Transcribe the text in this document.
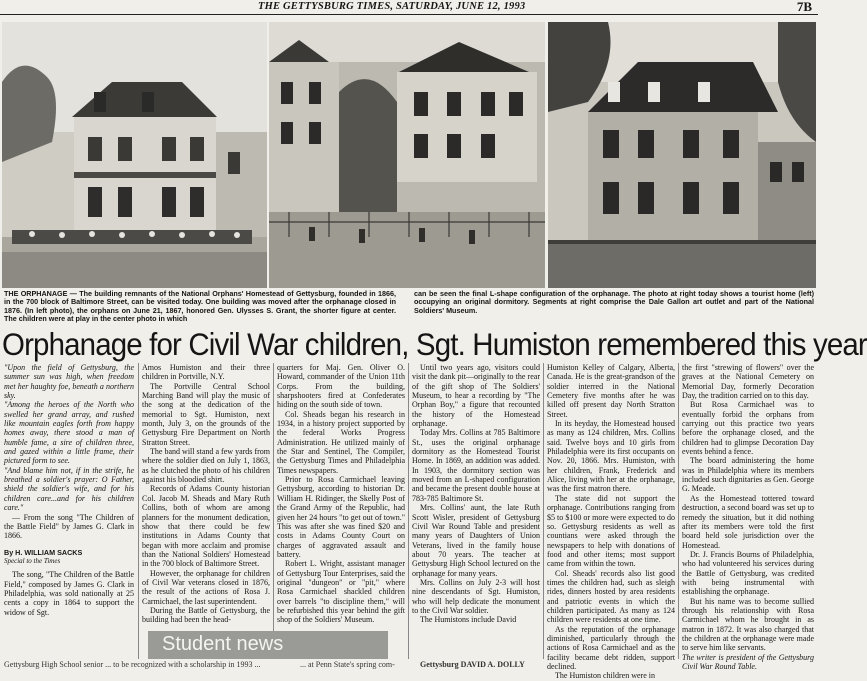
THE GETTYSBURG TIMES, SATURDAY, JUNE 12, 1993	7B
THE ORPHANAGE — The building remnants of the National Orphans' Homestead of Gettysburg, founded in 1866, in the 700 block of Baltimore Street, can be visited today. One building was moved after the orphanage closed in 1876. (In left photo), the orphans on June 21, 1867, honored Gen. Ulysses S. Grant, the shorter figure at center. The children were at play in the center photo in which
can be seen the final L-shape configuration of the orphanage. The photo at right today shows a tourist home (left) occupying an original dormitory. Segments at right comprise the Dale Gallon art outlet and part of the National Soldiers' Museum.
Orphanage for Civil War children, Sgt. Humiston remembered this year

"Upon the field of Gettysburg, the summer sun was high, when freedom met her haughty foe, beneath a northern sky.

"Among the heroes of the North who swelled her grand array, and rushed like mountain eagles forth from happy homes away, there stood a man of humble fame, a sire of children three, and gazed within a little frame, their pictured form to see.

"And blame him not, if in the strife, he breathed a soldier's prayer: O Father, shield the soldier's wife, and for his children care...and for his children care."

— From the song "The Children of the Battle Field" by James G. Clark in 1866.

By H. WILLIAM SACKS
Special to the Times

The song, "The Children of the Battle Field," composed by James G. Clark in Philadelphia, was sold nationally at 25 cents a copy in 1864 to support the widow of Sgt.

Amos Humiston and their three children in Portville, N.Y.

The Portville Central School Marching Band will play the music of the song at the dedication of the memorial to Sgt. Humiston, next month, July 3, on the grounds of the Gettysburg Fire Department on North Stratton Street.

The band will stand a few yards from where the soldier died on July 1, 1863, as he clutched the photo of his children against his bloodied shirt.

Records of Adams County historian Col. Jacob M. Sheads and Mary Ruth Collins, both of whom are among planners for the monument dedication, show that there could be few institutions in Adams County that began with more acclaim and promise than the National Soldiers' Homestead in the 700 block of Baltimore Street.

However, the orphanage for children of Civil War veterans closed in 1876, the result of the actions of Rosa J. Carmichael, the last superintendent.

During the Battle of Gettysburg, the building had been the head-

quarters for Maj. Gen. Oliver O. Howard, commander of the Union 11th Corps. From the building, sharpshooters fired at Confederates hiding on the south side of town.

Col. Sheads began his research in 1934, in a history project supported by the federal Works Progress Administration. He utilized mainly of the Star and Sentinel, The Compiler, the Gettysburg Times and Philadelphia Times newspapers.

Prior to Rosa Carmichael leaving Gettysburg, according to historian Dr. William H. Ridinger, the Skelly Post of the Grand Army of the Republic, had given her 24 hours "to get out of town." This was after she was fined $20 and costs in Adams County Court on charges of aggravated assault and battery.

Robert L. Wright, assistant manager of Gettysburg Tour Enterprises, said the original "dungeon" or "pit," where Rosa Carmichael shackled children over barrels "to discipline them," will be refurbished this year behind the gift shop of the Soldiers' Museum.

Until two years ago, visitors could visit the dank pit—originally to the rear of the gift shop of The Soldiers' Museum, to hear a recording by "The Orphan Boy," a figure that recounted the history of the Homestead orphanage.

Today Mrs. Collins at 785 Baltimore St., uses the original orphanage dormitory as the Homestead Tourist Home. In 1869, an addition was added. In 1903, the dormitory section was moved from an L-shaped configuration and became the present double house at 783-785 Baltimore St.

Mrs. Collins' aunt, the late Ruth Scott Wisler, president of Gettysburg Civil War Round Table and president many years of Daughters of Union Veterans, lived in the family house about 70 years. The teacher at Gettysburg High School lectured on the orphanage for many years.

Mrs. Collins on July 2-3 will host nine descendants of Sgt. Humiston, who will help dedicate the monument to the Civil War soldier.

The Humistons include David

Humiston Kelley of Calgary, Alberta, Canada. He is the great-grandson of the soldier interred in the National Cemetery five months after he was killed off present day North Stratton Street.

In its heyday, the Homestead housed as many as 124 children, Mrs. Collins said. Twelve boys and 10 girls from Philadelphia were its first occupants on Nov. 20, 1866. Mrs. Humiston, with her children, Frank, Frederick and Alice, living with her at the orphanage, was the first matron there.

The state did not support the orphanage. Contributions ranging from $5 to $100 or more were expected to do so. Gettysburg residents as well as countians were asked through the newspapers to help with donations of food and other items; most support came from within the town.

Col. Sheads' records also list good times the children had, such as sleigh rides, dinners hosted by area residents and patriotic events in which the children participated. As many as 124 children were residents at one time.

As the reputation of the orphanage diminished, particularly through the actions of Rosa Carmichael and as the facility became debt ridden, support declined.

The Humiston children were in

the first "strewing of flowers" over the graves at the National Cemetery on Memorial Day, formerly Decoration Day, the tradition carried on to this day.

But Rosa Carmichael was to eventually forbid the orphans from carrying out this practice two years before the orphanage closed, and the children had to glimpse Decoration Day events behind a fence.

The board administering the home was in Philadelphia where its members included such dignitaries as Gen. George G. Meade.

As the Homestead tottered toward destruction, a second board was set up to remedy the situation, but it did nothing after its members were told the first board held sole jurisdiction over the Homestead.

Dr. J. Francis Bourns of Philadelphia, who had volunteered his services during the Battle of Gettysburg, was credited with being instrumental with establishing the orphanage.

But his name was to become sullied through his relationship with Rosa Carmichael whom he brought in as matron in 1872. It was also charged that the children at the orphanage were made to serve him like servants.

The writer is president of the Gettysburg Civil War Round Table.

Student news
Gettysburg High School senior ... to be recognized with a scholarship in 1993 ...	... at Penn State's spring com-	Gettysburg DAVID A. DOLLY
